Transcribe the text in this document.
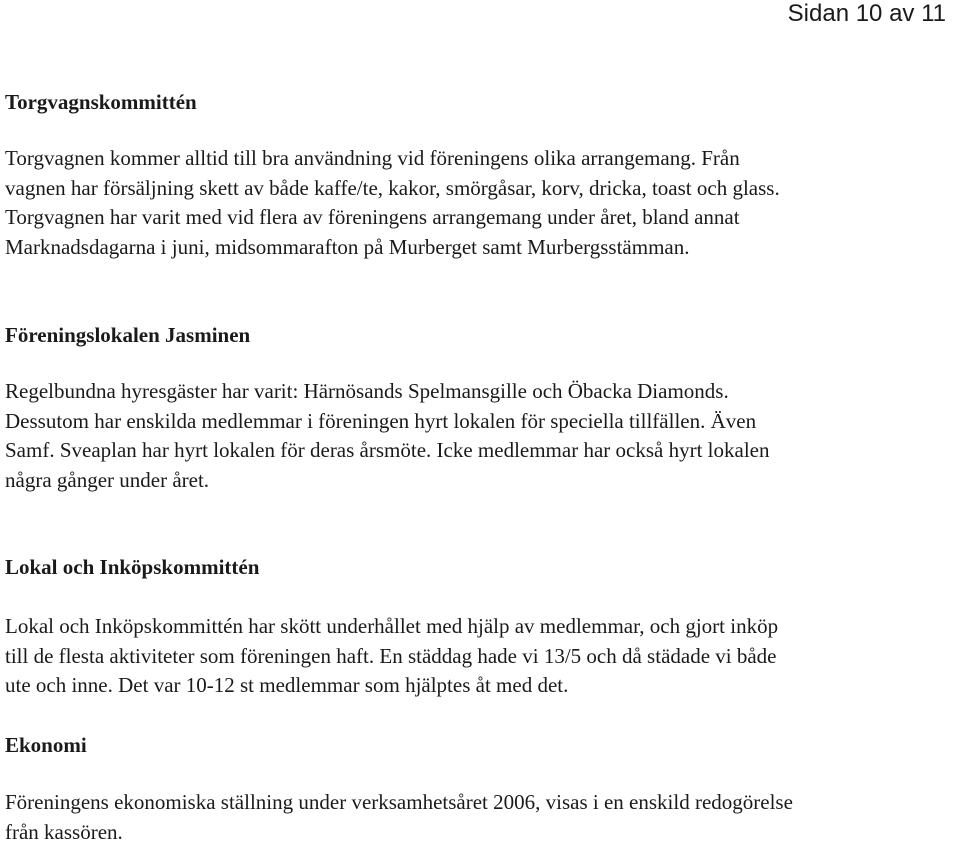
Sidan 10 av 11
Torgvagnskommittén
Torgvagnen kommer alltid till bra användning vid föreningens olika arrangemang. Från
vagnen har försäljning skett av både kaffe/te, kakor, smörgåsar, korv, dricka, toast och glass.
Torgvagnen har varit med vid flera av föreningens arrangemang under året, bland annat
Marknadsdagarna i juni, midsommarafton på Murberget samt Murbergsstämman.
Föreningslokalen Jasminen
Regelbundna hyresgäster har varit: Härnösands Spelmansgille och Öbacka Diamonds.
Dessutom har enskilda medlemmar i föreningen hyrt lokalen för speciella tillfällen. Även
Samf. Sveaplan har hyrt lokalen för deras årsmöte. Icke medlemmar har också hyrt lokalen
några gånger under året.
Lokal och Inköpskommittén
Lokal och Inköpskommittén har skött underhållet med hjälp av medlemmar, och gjort inköp
till de flesta aktiviteter som föreningen haft. En städdag hade vi 13/5 och då städade vi både
ute och inne. Det var 10-12 st medlemmar som hjälptes åt med det.
Ekonomi
Föreningens ekonomiska ställning under verksamhetsåret 2006, visas i en enskild redogörelse
från kassören.
